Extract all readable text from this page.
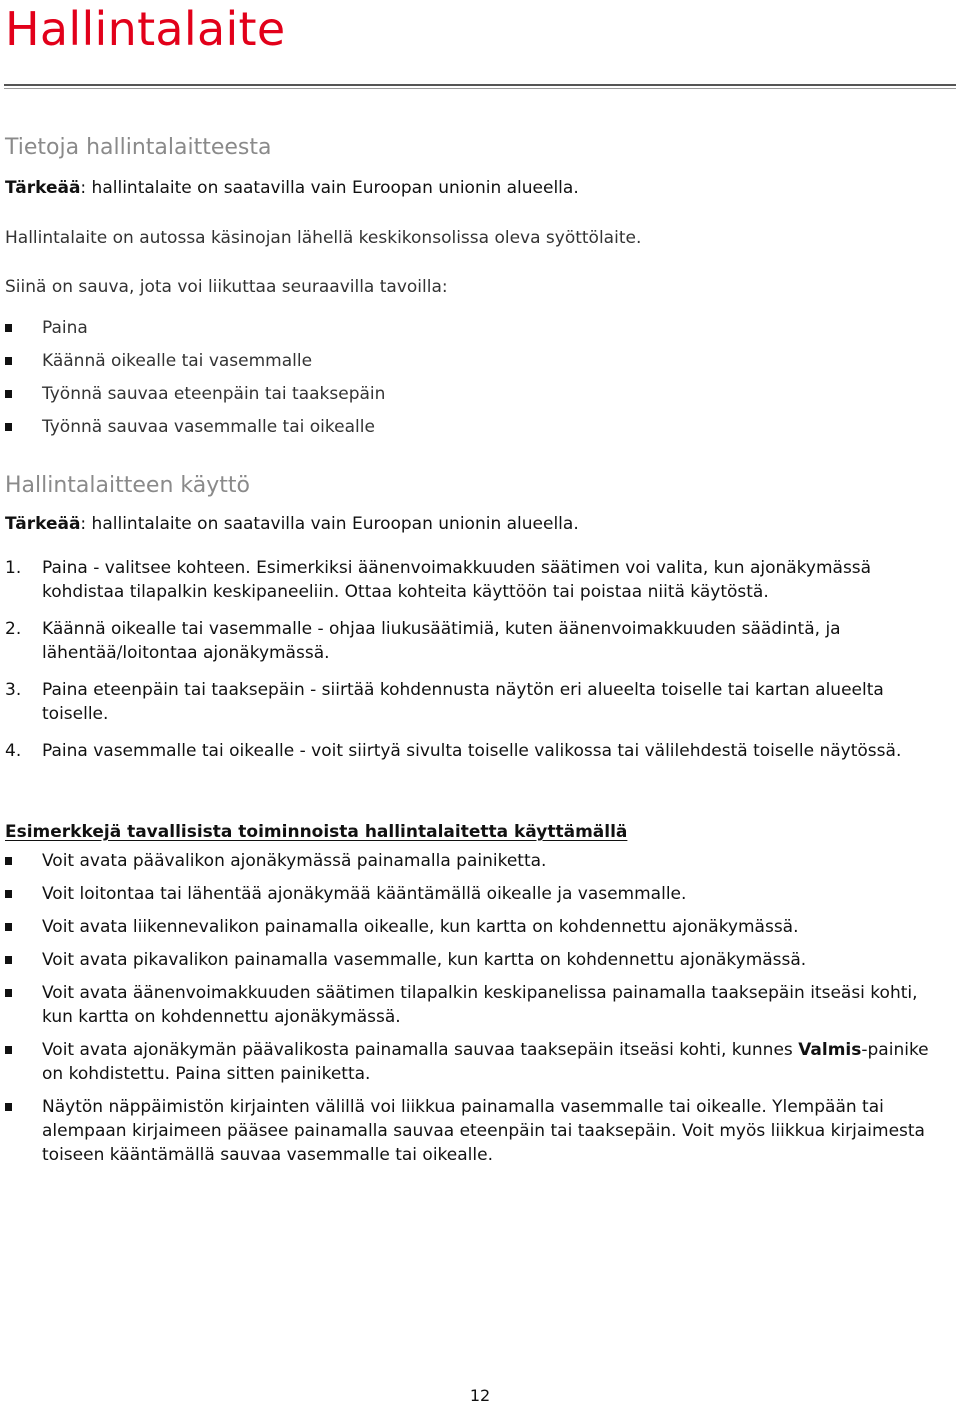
Hallintalaite
Tietoja hallintalaitteesta

Tärkeää: hallintalaite on saatavilla vain Euroopan unionin alueella.

Hallintalaite on autossa käsinojan lähellä keskikonsolissa oleva syöttölaite.

Siinä on sauva, jota voi liikuttaa seuraavilla tavoilla:

Paina
Käännä oikealle tai vasemmalle
Työnnä sauvaa eteenpäin tai taaksepäin
Työnnä sauvaa vasemmalle tai oikealle
Hallintalaitteen käyttö

Tärkeää: hallintalaite on saatavilla vain Euroopan unionin alueella.

1. Paina - valitsee kohteen. Esimerkiksi äänenvoimakkuuden säätimen voi valita, kun ajonäkymässä kohdistaa tilapalkin keskipaneeliin. Ottaa kohteita käyttöön tai poistaa niitä käytöstä.
2. Käännä oikealle tai vasemmalle - ohjaa liukusäätimiä, kuten äänenvoimakkuuden säädintä, ja lähentää/loitontaa ajonäkymässä.
3. Paina eteenpäin tai taaksepäin - siirtää kohdennusta näytön eri alueelta toiselle tai kartan alueelta toiselle.
4. Paina vasemmalle tai oikealle - voit siirtyä sivulta toiselle valikossa tai välilehdestä toiselle näytössä.

Esimerkkejä tavallisista toiminnoista hallintalaitetta käyttämällä

Voit avata päävalikon ajonäkymässä painamalla painiketta.
Voit loitontaa tai lähentää ajonäkymää kääntämällä oikealle ja vasemmalle.
Voit avata liikennevalikon painamalla oikealle, kun kartta on kohdennettu ajonäkymässä.
Voit avata pikavalikon painamalla vasemmalle, kun kartta on kohdennettu ajonäkymässä.
Voit avata äänenvoimakkuuden säätimen tilapalkin keskipanelissa painamalla taaksepäin itseäsi kohti, kun kartta on kohdennettu ajonäkymässä.
Voit avata ajonäkymän päävalikosta painamalla sauvaa taaksepäin itseäsi kohti, kunnes Valmis-painike on kohdistettu. Paina sitten painiketta.
Näytön näppäimistön kirjainten välillä voi liikkua painamalla vasemmalle tai oikealle. Ylempään tai alempaan kirjaimeen pääsee painamalla sauvaa eteenpäin tai taaksepäin. Voit myös liikkua kirjaimesta toiseen kääntämällä sauvaa vasemmalle tai oikealle.
12
